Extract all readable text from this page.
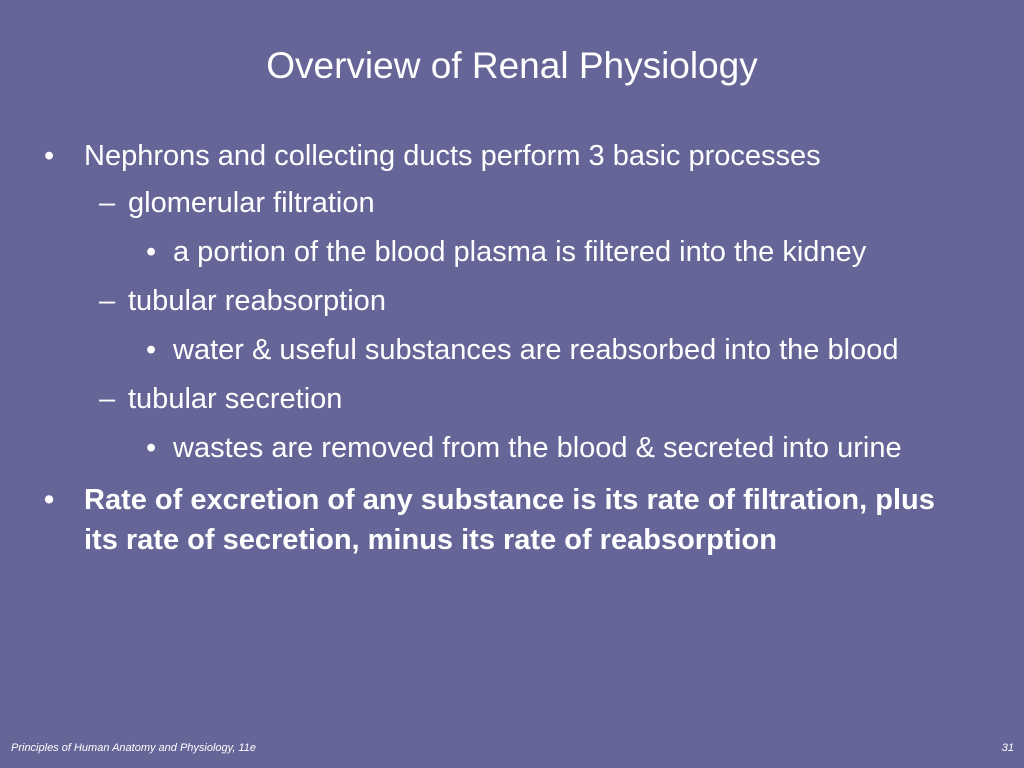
Overview of Renal Physiology
•	Nephrons and collecting ducts perform 3 basic processes
– glomerular filtration
• a portion of the blood plasma is filtered into the kidney
– tubular reabsorption
• water & useful substances are reabsorbed into the blood
– tubular secretion
• wastes are removed from the blood & secreted into urine
•	Rate of excretion of any substance is its rate of filtration, plus its rate of secretion, minus its rate of reabsorption
Principles of Human Anatomy and Physiology, 11e	31
